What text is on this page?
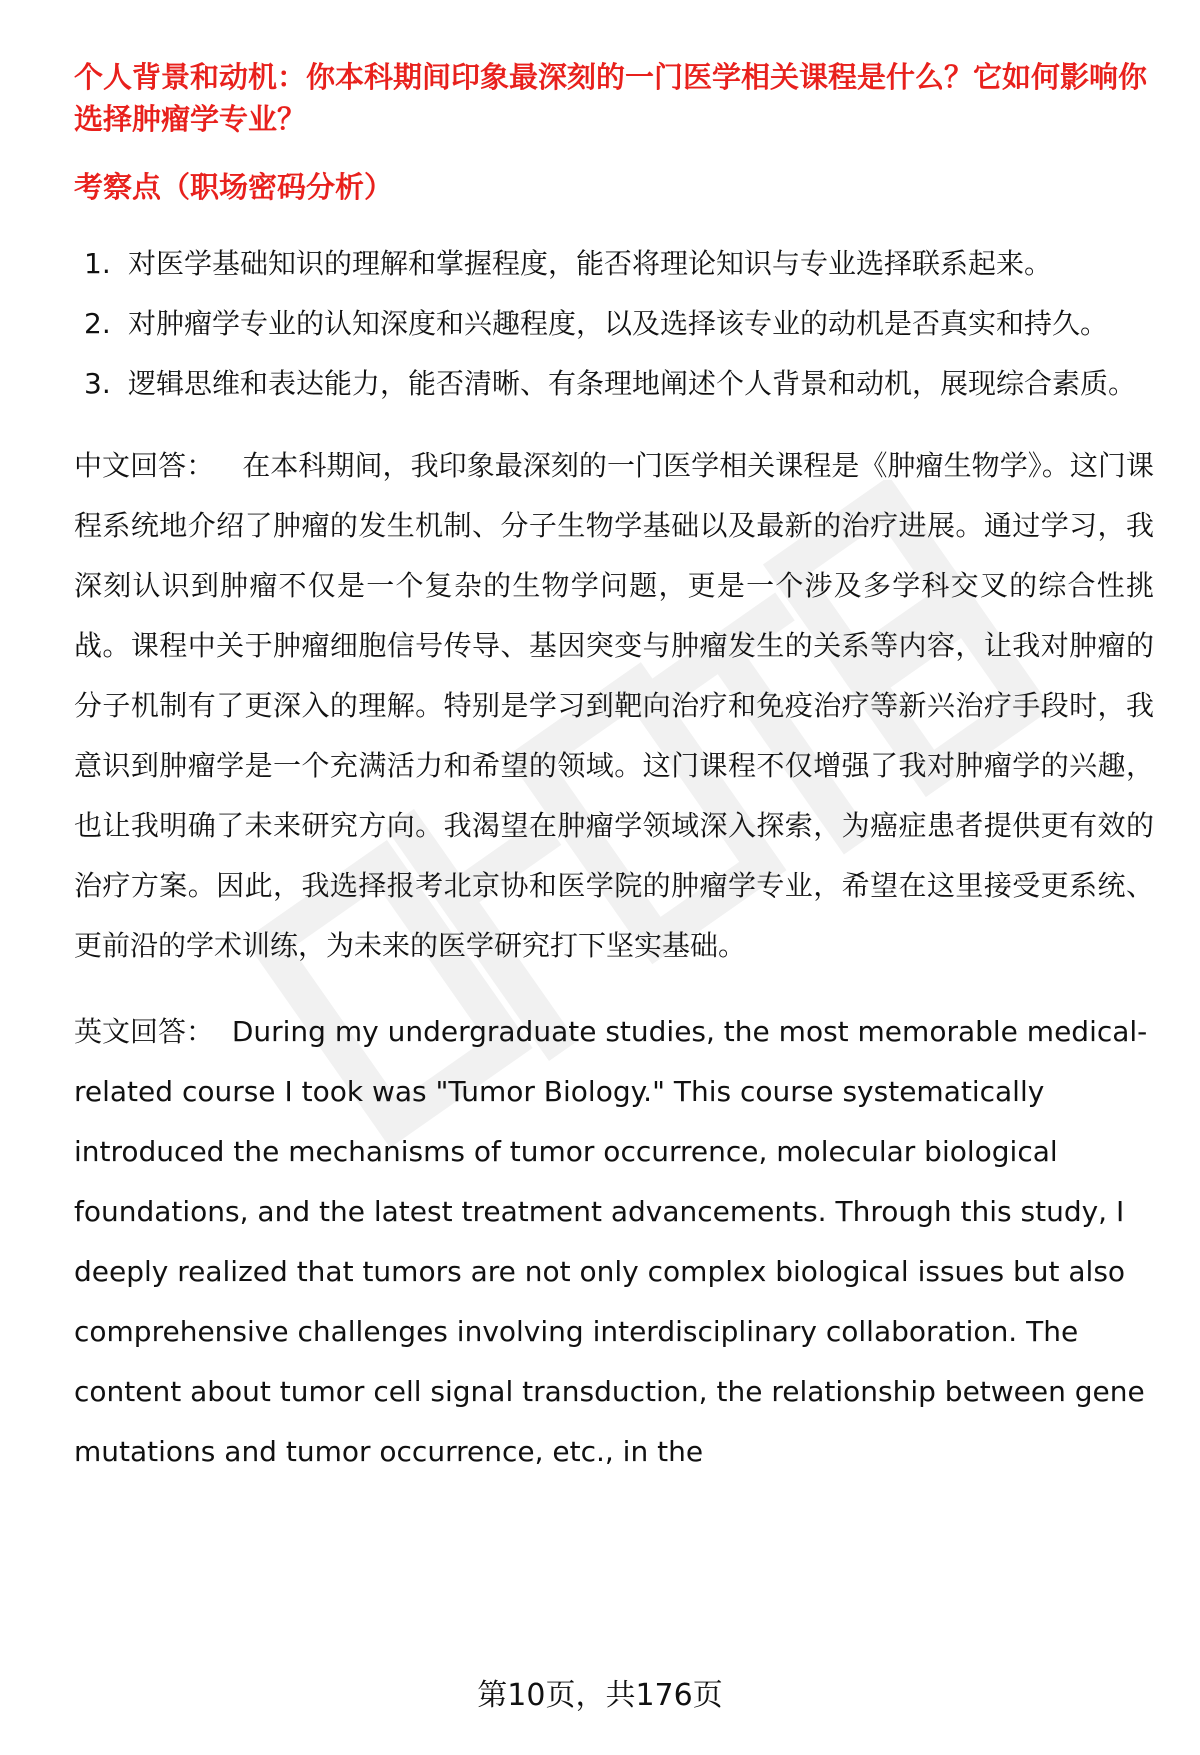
个人背景和动机：你本科期间印象最深刻的一门医学相关课程是什么？它如何影响你选择肿瘤学专业？

考察点（职场密码分析）

1. 对医学基础知识的理解和掌握程度，能否将理论知识与专业选择联系起来。
2. 对肿瘤学专业的认知深度和兴趣程度，以及选择该专业的动机是否真实和持久。
3. 逻辑思维和表达能力，能否清晰、有条理地阐述个人背景和动机，展现综合素质。

中文回答： 在本科期间，我印象最深刻的一门医学相关课程是《肿瘤生物学》。这门课程系统地介绍了肿瘤的发生机制、分子生物学基础以及最新的治疗进展。通过学习，我深刻认识到肿瘤不仅是一个复杂的生物学问题，更是一个涉及多学科交叉的综合性挑战。课程中关于肿瘤细胞信号传导、基因突变与肿瘤发生的关系等内容，让我对肿瘤的分子机制有了更深入的理解。特别是学习到靶向治疗和免疫治疗等新兴治疗手段时，我意识到肿瘤学是一个充满活力和希望的领域。这门课程不仅增强了我对肿瘤学的兴趣，也让我明确了未来研究方向。我渴望在肿瘤学领域深入探索，为癌症患者提供更有效的治疗方案。因此，我选择报考北京协和医学院的肿瘤学专业，希望在这里接受更系统、更前沿的学术训练，为未来的医学研究打下坚实基础。

英文回答： During my undergraduate studies, the most memorable medical-related course I took was "Tumor Biology." This course systematically introduced the mechanisms of tumor occurrence, molecular biological foundations, and the latest treatment advancements. Through this study, I deeply realized that tumors are not only complex biological issues but also comprehensive challenges involving interdisciplinary collaboration. The content about tumor cell signal transduction, the relationship between gene mutations and tumor occurrence, etc., in the

第10页，共176页
